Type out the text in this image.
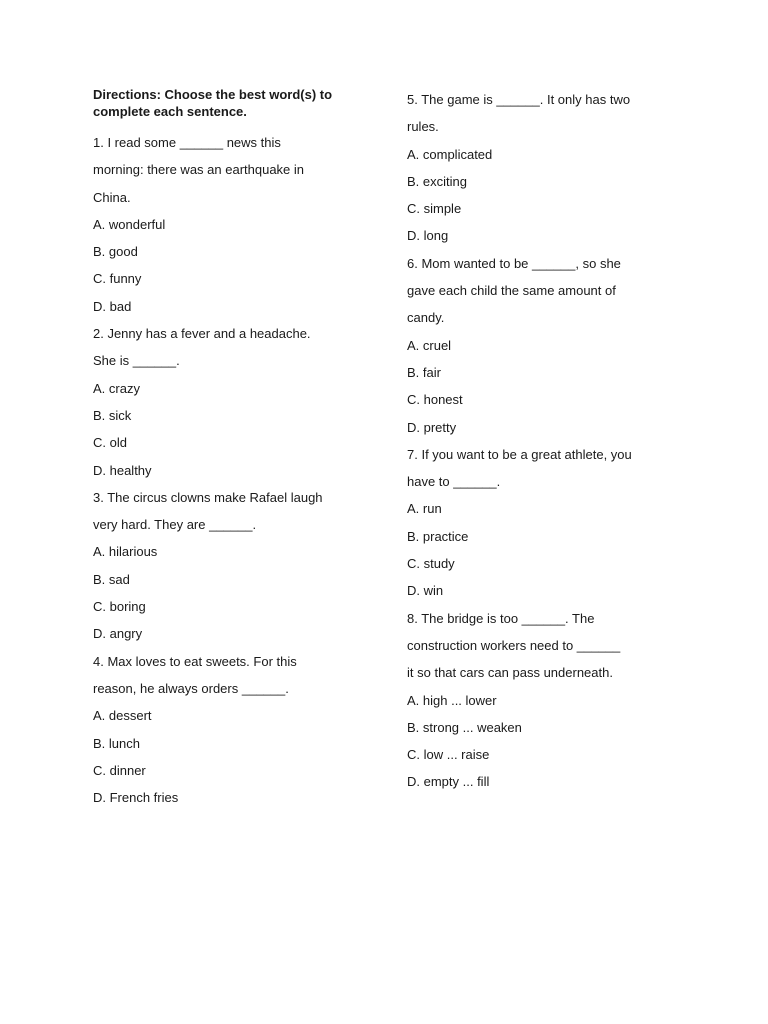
Directions: Choose the best word(s) to
complete each sentence.

1. I read some ______ news this

morning: there was an earthquake in

China.

A. wonderful

B. good

C. funny

D. bad

2. Jenny has a fever and a headache.

She is ______.

A. crazy

B. sick

C. old

D. healthy

3. The circus clowns make Rafael laugh

very hard. They are ______.

A. hilarious

B. sad

C. boring

D. angry

4. Max loves to eat sweets. For this

reason, he always orders ______.

A. dessert

B. lunch

C. dinner

D. French fries

5. The game is ______. It only has two

rules.

A. complicated

B. exciting

C. simple

D. long

6. Mom wanted to be ______, so she

gave each child the same amount of

candy.

A. cruel

B. fair

C. honest

D. pretty

7. If you want to be a great athlete, you

have to ______.

A. run

B. practice

C. study

D. win

8. The bridge is too ______. The

construction workers need to ______

it so that cars can pass underneath.

A. high ... lower

B. strong ... weaken

C. low ... raise

D. empty ... fill
